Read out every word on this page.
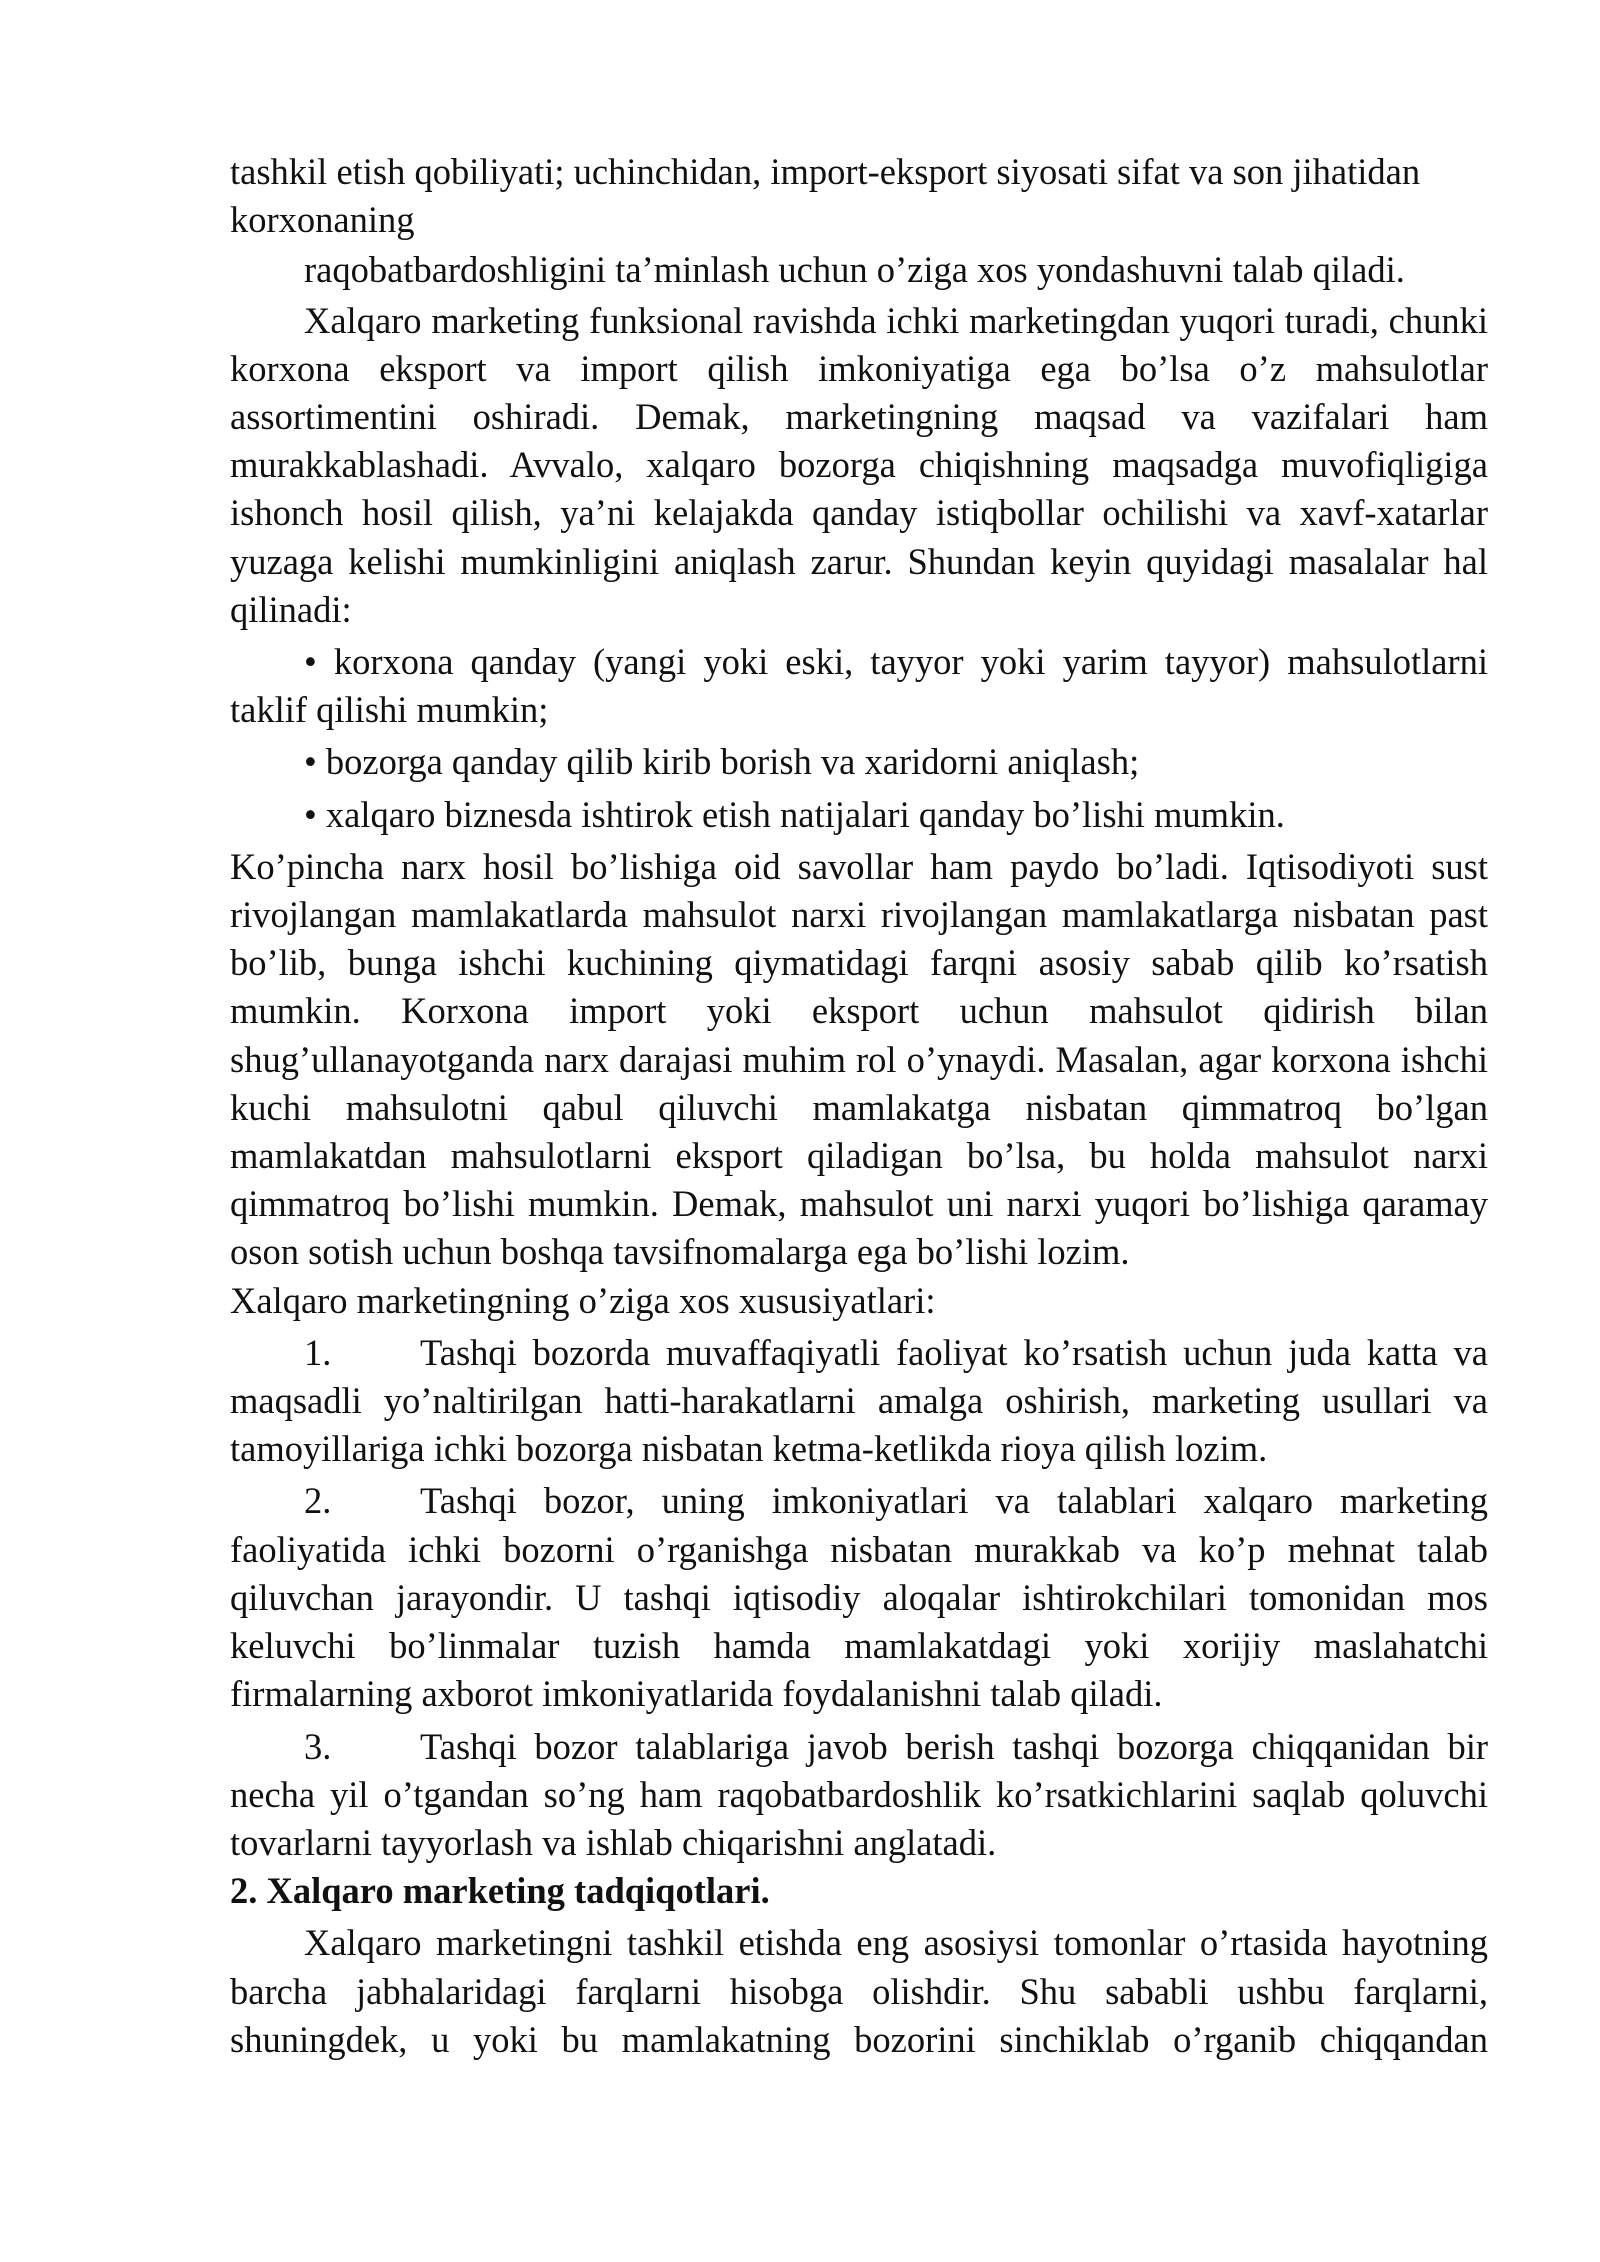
tashkil etish qobiliyati; uchinchidan, import-eksport siyosati sifat va son jihatidan korxonaning

raqobatbardoshligini ta’minlash uchun o’ziga xos yondashuvni talab qiladi.

Xalqaro marketing funksional ravishda ichki marketingdan yuqori turadi, chunki korxona eksport va import qilish imkoniyatiga ega bo’lsa o’z mahsulotlar assortimentini oshiradi. Demak, marketingning maqsad va vazifalari ham murakkablashadi. Avvalo, xalqaro bozorga chiqishning maqsadga muvofiqligiga ishonch hosil qilish, ya’ni kelajakda qanday istiqbollar ochilishi va xavf-xatarlar yuzaga kelishi mumkinligini aniqlash zarur. Shundan keyin quyidagi masalalar hal qilinadi:

• korxona qanday (yangi yoki eski, tayyor yoki yarim tayyor) mahsulotlarni taklif qilishi mumkin;

• bozorga qanday qilib kirib borish va xaridorni aniqlash;

• xalqaro biznesda ishtirok etish natijalari qanday bo’lishi mumkin.

Ko’pincha narx hosil bo’lishiga oid savollar ham paydo bo’ladi. Iqtisodiyoti sust rivojlangan mamlakatlarda mahsulot narxi rivojlangan mamlakatlarga nisbatan past bo’lib, bunga ishchi kuchining qiymatidagi farqni asosiy sabab qilib ko’rsatish mumkin. Korxona import yoki eksport uchun mahsulot qidirish bilan shug’ullanayotganda narx darajasi muhim rol o’ynaydi. Masalan, agar korxona ishchi kuchi mahsulotni qabul qiluvchi mamlakatga nisbatan qimmatroq bo’lgan mamlakatdan mahsulotlarni eksport qiladigan bo’lsa, bu holda mahsulot narxi qimmatroq bo’lishi mumkin. Demak, mahsulot uni narxi yuqori bo’lishiga qaramay oson sotish uchun boshqa tavsifnomalarga ega bo’lishi lozim.

Xalqaro marketingning o’ziga xos xususiyatlari:

1. Tashqi bozorda muvaffaqiyatli faoliyat ko’rsatish uchun juda katta va maqsadli yo’naltirilgan hatti-harakatlarni amalga oshirish, marketing usullari va tamoyillariga ichki bozorga nisbatan ketma-ketlikda rioya qilish lozim.

2. Tashqi bozor, uning imkoniyatlari va talablari xalqaro marketing faoliyatida ichki bozorni o’rganishga nisbatan murakkab va ko’p mehnat talab qiluvchan jarayondir. U tashqi iqtisodiy aloqalar ishtirokchilari tomonidan mos keluvchi bo’linmalar tuzish hamda mamlakatdagi yoki xorijiy maslahatchi firmalarning axborot imkoniyatlarida foydalanishni talab qiladi.

3. Tashqi bozor talablariga javob berish tashqi bozorga chiqqanidan bir necha yil o’tgandan so’ng ham raqobatbardoshlik ko’rsatkichlarini saqlab qoluvchi tovarlarni tayyorlash va ishlab chiqarishni anglatadi.

2. Xalqaro marketing tadqiqotlari.

Xalqaro marketingni tashkil etishda eng asosiysi tomonlar o’rtasida hayotning barcha jabhalaridagi farqlarni hisobga olishdir. Shu sababli ushbu farqlarni, shuningdek, u yoki bu mamlakatning bozorini sinchiklab o’rganib chiqqandan
